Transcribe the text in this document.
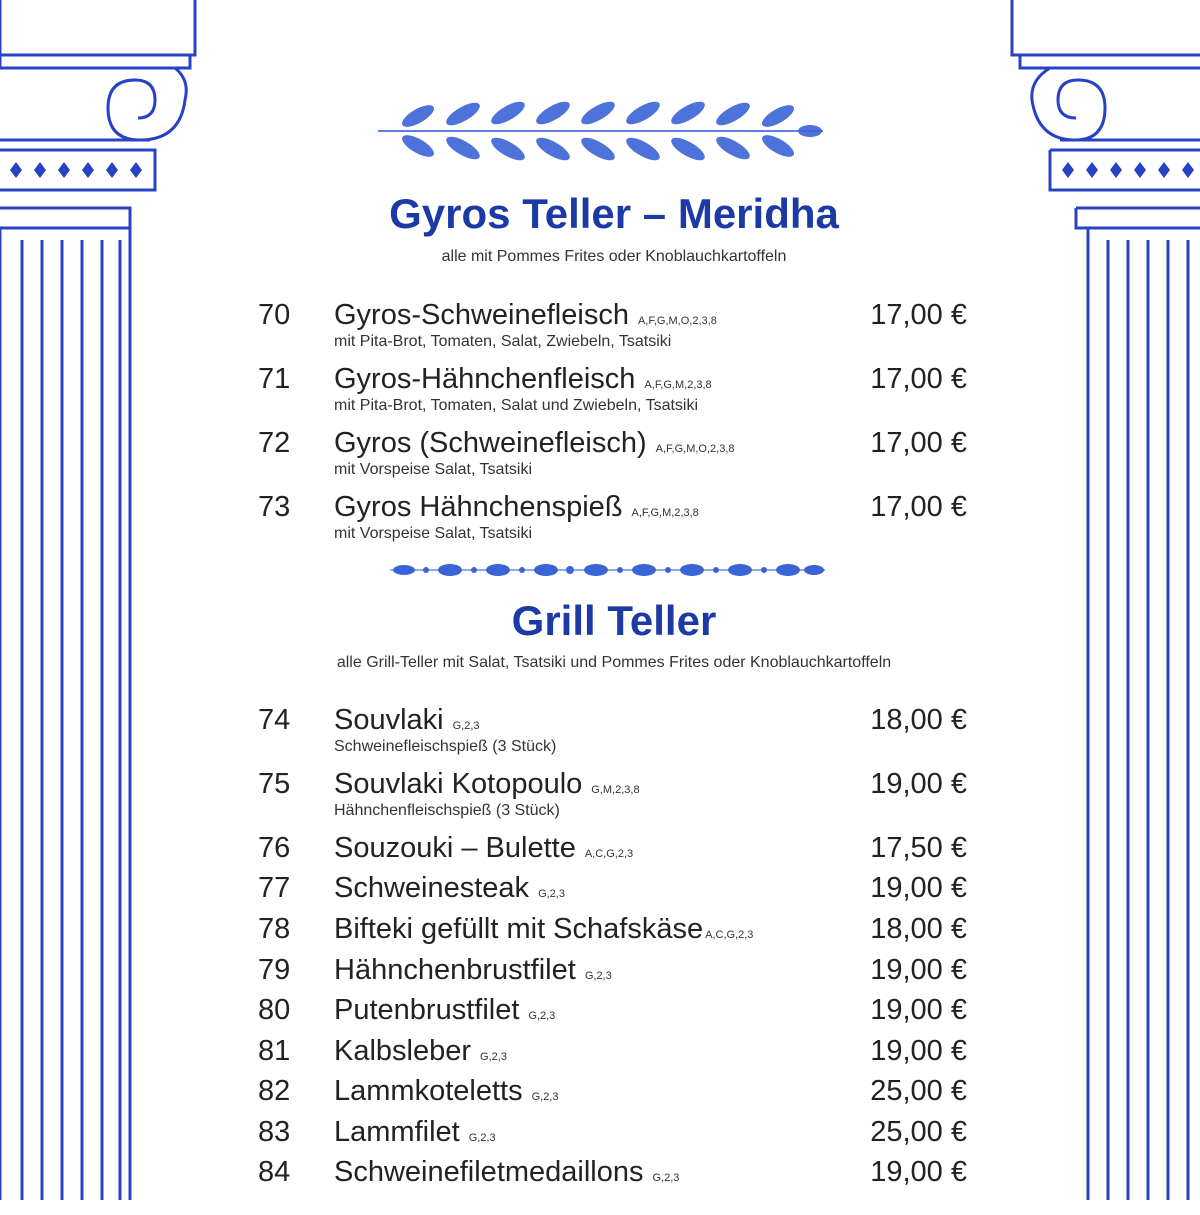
Gyros Teller – Meridha
alle mit Pommes Frites oder Knoblauchkartoffeln
70 Gyros-Schweinefleisch A,F,G,M,O,2,3,8	17,00 €
mit Pita-Brot, Tomaten, Salat, Zwiebeln, Tsatsiki
71 Gyros-Hähnchenfleisch A,F,G,M,2,3,8	17,00 €
mit Pita-Brot, Tomaten, Salat und Zwiebeln, Tsatsiki
72 Gyros (Schweinefleisch) A,F,G,M,O,2,3,8	17,00 €
mit Vorspeise Salat, Tsatsiki
73 Gyros Hähnchenspieß A,F,G,M,2,3,8	17,00 €
mit Vorspeise Salat, Tsatsiki
Grill Teller
alle Grill-Teller mit Salat, Tsatsiki und Pommes Frites oder Knoblauchkartoffeln
74 Souvlaki G,2,3	18,00 €
Schweinefleischspieß (3 Stück)
75 Souvlaki Kotopoulo G,M,2,3,8	19,00 €
Hähnchenfleischspieß (3 Stück)
76 Souzouki – Bulette A,C,G,2,3	17,50 €
77 Schweinesteak G,2,3	19,00 €
78 Bifteki gefüllt mit Schafskäse A,C,G,2,3	18,00 €
79 Hähnchenbrustfilet G,2,3	19,00 €
80 Putenbrustfilet G,2,3	19,00 €
81 Kalbsleber G,2,3	19,00 €
82 Lammkoteletts G,2,3	25,00 €
83 Lammfilet G,2,3	25,00 €
84 Schweinefiletmedaillons G,2,3	19,00 €
